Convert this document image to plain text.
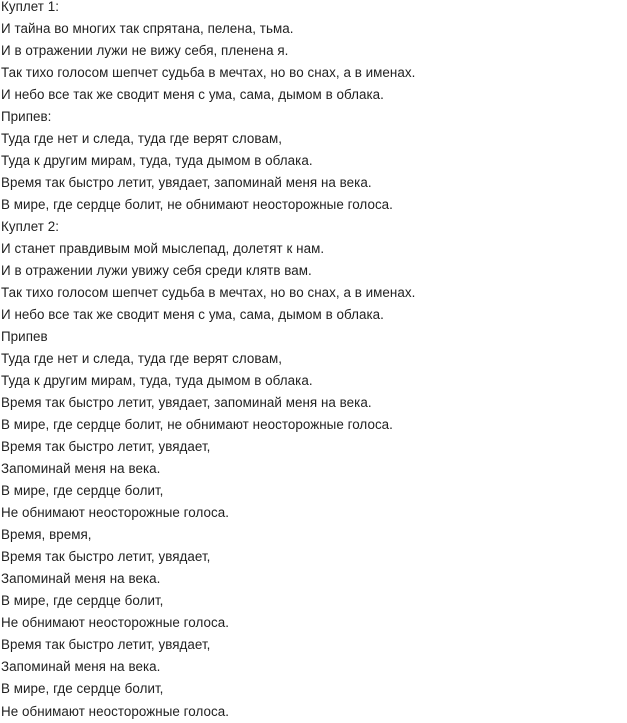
Куплет 1:
И тайна во многих так спрятана, пелена, тьма.
И в отражении лужи не вижу себя, пленена я.
Так тихо голосом шепчет судьба в мечтах, но во снах, а в именах.
И небо все так же сводит меня с ума, сама, дымом в облака.
Припев:
Туда где нет и следа, туда где верят словам,
Туда к другим мирам, туда, туда дымом в облака.
Время так быстро летит, увядает, запоминай меня на века.
В мире, где сердце болит, не обнимают неосторожные голоса.
Куплет 2:
И станет правдивым мой мыслепад, долетят к нам.
И в отражении лужи увижу себя среди клятв вам.
Так тихо голосом шепчет судьба в мечтах, но во снах, а в именах.
И небо все так же сводит меня с ума, сама, дымом в облака.
Припев
Туда где нет и следа, туда где верят словам,
Туда к другим мирам, туда, туда дымом в облака.
Время так быстро летит, увядает, запоминай меня на века.
В мире, где сердце болит, не обнимают неосторожные голоса.
Время так быстро летит, увядает,
Запоминай меня на века.
В мире, где сердце болит,
Не обнимают неосторожные голоса.
Время, время,
Время так быстро летит, увядает,
Запоминай меня на века.
В мире, где сердце болит,
Не обнимают неосторожные голоса.
Время так быстро летит, увядает,
Запоминай меня на века.
В мире, где сердце болит,
Не обнимают неосторожные голоса.
